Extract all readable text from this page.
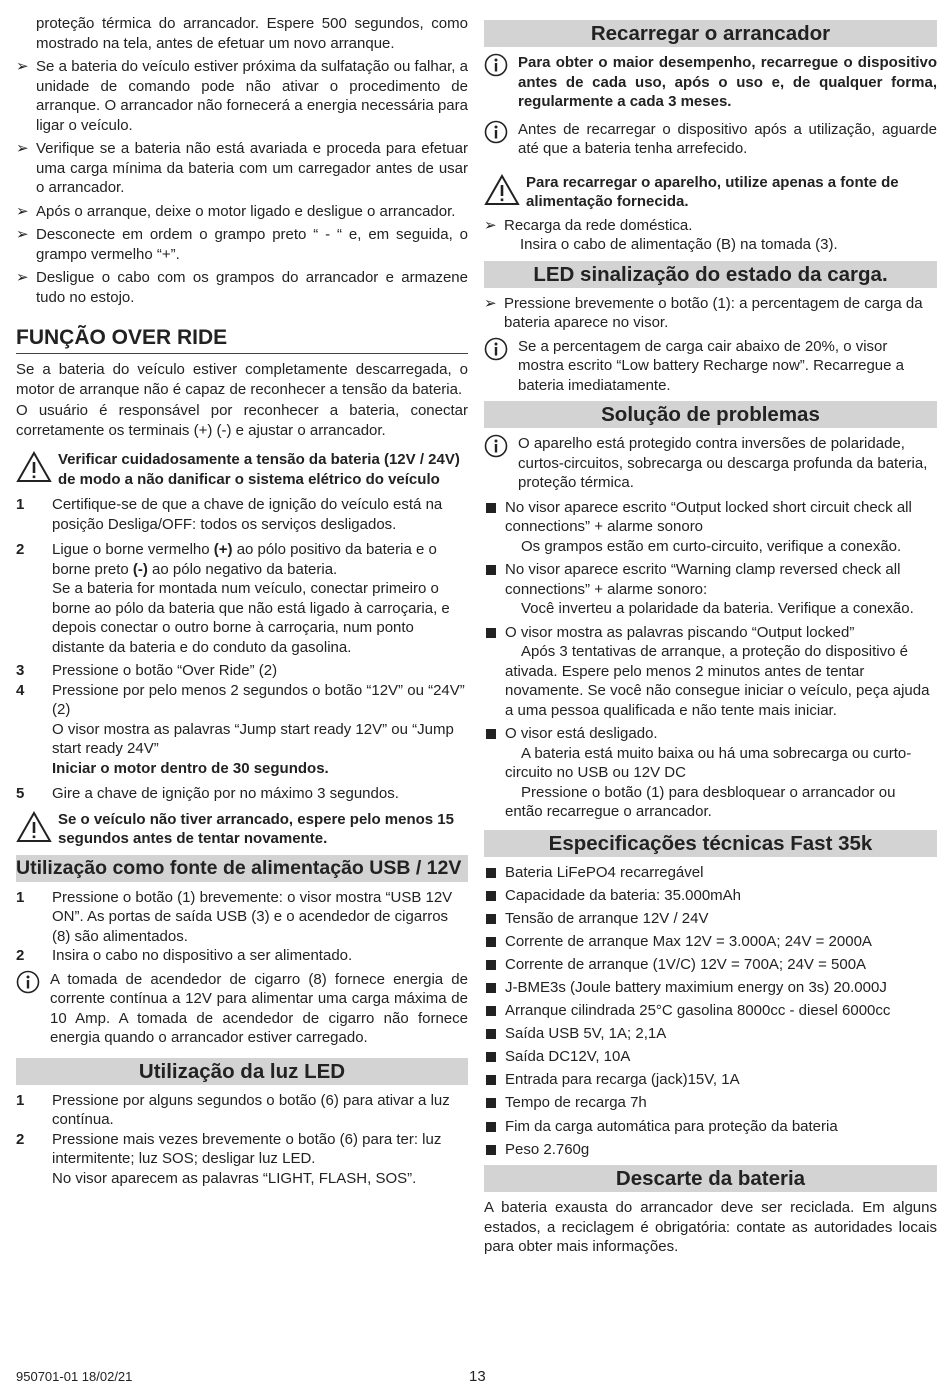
proteção térmica do arrancador. Espere 500 segundos, como mostrado na tela, antes de efetuar um novo arranque.

➢ Se a bateria do veículo estiver próxima da sulfatação ou falhar, a unidade de comando pode não ativar o procedimento de arranque. O arrancador não fornecerá a energia necessária para ligar o veículo.
➢ Verifique se a bateria não está avariada e proceda para efetuar uma carga mínima da bateria com um carregador antes de usar o arrancador.
➢ Após o arranque, deixe o motor ligado e desligue o arrancador.
➢ Desconecte em ordem o grampo preto “ - “ e, em seguida, o grampo vermelho “+”.
➢ Desligue o cabo com os grampos do arrancador e armazene tudo no estojo.
FUNÇÃO OVER RIDE

Se a bateria do veículo estiver completamente descarregada, o motor de arranque não é capaz de reconhecer a tensão da bateria.

O usuário é responsável por reconhecer a bateria, conectar corretamente os terminais (+) (-) e ajustar o arrancador.

Verificar cuidadosamente a tensão da bateria (12V / 24V) de modo a não danificar o sistema elétrico do veículo
1 Certifique-se de que a chave de ignição do veículo está na posição Desliga/OFF: todos os serviços desligados.
2 Ligue o borne vermelho (+) ao pólo positivo da bateria e o borne preto (-) ao pólo negativo da bateria.
Se a bateria for montada num veículo, conectar primeiro o borne ao pólo da bateria que não está ligado à carroçaria, e depois conectar o outro borne à carroçaria, num ponto distante da bateria e do conduto da gasolina.
3 Pressione o botão “Over Ride” (2)
4 Pressione por pelo menos 2 segundos o botão “12V” ou “24V” (2)
O visor mostra as palavras “Jump start ready 12V” ou “Jump start ready 24V”
Iniciar o motor dentro de 30 segundos.
5 Gire a chave de ignição por no máximo 3 segundos.
Se o veículo não tiver arrancado, espere pelo menos 15 segundos antes de tentar novamente.
Utilização como fonte de alimentação USB / 12V
1 Pressione o botão (1) brevemente: o visor mostra “USB 12V ON”. As portas de saída USB (3) e o acendedor de cigarros (8) são alimentados.
2 Insira o cabo no dispositivo a ser alimentado.
A tomada de acendedor de cigarro (8) fornece energia de corrente contínua a 12V para alimentar uma carga máxima de 10 Amp. A tomada de acendedor de cigarro não fornece energia quando o arrancador estiver carregado.
Utilização da luz LED
1 Pressione por alguns segundos o botão (6) para ativar a luz contínua.
2 Pressione mais vezes brevemente o botão (6) para ter: luz intermitente; luz SOS; desligar luz LED.
No visor aparecem as palavras “LIGHT, FLASH, SOS”.
Recarregar o arrancador
Para obter o maior desempenho, recarregue o dispositivo antes de cada uso, após o uso e, de qualquer forma, regularmente a cada 3 meses.
Antes de recarregar o dispositivo após a utilização, aguarde até que a bateria tenha arrefecido.
Para recarregar o aparelho, utilize apenas a fonte de alimentação fornecida.
➢ Recarga da rede doméstica.
Insira o cabo de alimentação (B) na tomada (3).
LED sinalização do estado da carga.
➢ Pressione brevemente o botão (1): a percentagem de carga da bateria aparece no visor.
Se a percentagem de carga cair abaixo de 20%, o visor mostra escrito “Low battery Recharge now”. Recarregue a bateria imediatamente.
Solução de problemas
O aparelho está protegido contra inversões de polaridade, curtos-circuitos, sobrecarga ou descarga profunda da bateria, proteção térmica.
No visor aparece escrito “Output locked short circuit check all connections” + alarme sonoro
Os grampos estão em curto-circuito, verifique a conexão.
No visor aparece escrito “Warning clamp reversed check all connections” + alarme sonoro:
Você inverteu a polaridade da bateria. Verifique a conexão.
O visor mostra as palavras piscando “Output locked”
Após 3 tentativas de arranque, a proteção do dispositivo é ativada. Espere pelo menos 2 minutos antes de tentar novamente. Se você não consegue iniciar o veículo, peça ajuda a uma pessoa qualificada e não tente mais iniciar.
O visor está desligado.
A bateria está muito baixa ou há uma sobrecarga ou curto-circuito no USB ou 12V DC
Pressione o botão (1) para desbloquear o arrancador ou então recarregue o arrancador.
Especificações técnicas Fast 35k
Bateria LiFePO4 recarregável
Capacidade da bateria: 35.000mAh
Tensão de arranque 12V / 24V
Corrente de arranque Max 12V = 3.000A; 24V = 2000A
Corrente de arranque (1V/C) 12V = 700A; 24V = 500A
J-BME3s (Joule battery maximium energy on 3s) 20.000J
Arranque cilindrada 25°C gasolina 8000cc - diesel 6000cc
Saída USB 5V, 1A; 2,1A
Saída DC12V, 10A
Entrada para recarga (jack)15V, 1A
Tempo de recarga 7h
Fim da carga automática para proteção da bateria
Peso 2.760g
Descarte da bateria

A bateria exausta do arrancador deve ser reciclada. Em alguns estados, a reciclagem é obrigatória: contate as autoridades locais para obter mais informações.

950701-01 18/02/21	13
